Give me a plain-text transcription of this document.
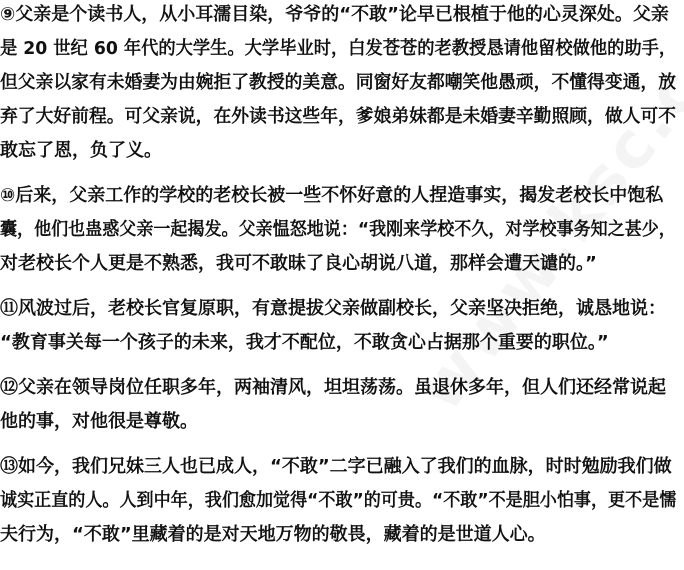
⑨父亲是个读书人，从小耳濡目染，爷爷的“不敢”论早已根植于他的心灵深处。父亲
是 20 世纪 60 年代的大学生。大学毕业时，白发苍苍的老教授恳请他留校做他的助手，
但父亲以家有未婚妻为由婉拒了教授的美意。同窗好友都嘲笑他愚顽，不懂得变通，放
弃了大好前程。可父亲说，在外读书这些年，爹娘弟妹都是未婚妻辛勤照顾，做人可不
敢忘了恩，负了义。
⑩后来，父亲工作的学校的老校长被一些不怀好意的人捏造事实，揭发老校长中饱私
囊，他们也蛊惑父亲一起揭发。父亲愠怒地说：“我刚来学校不久，对学校事务知之甚少，
对老校长个人更是不熟悉，我可不敢昧了良心胡说八道，那样会遭天谴的。”
⑪风波过后，老校长官复原职，有意提拔父亲做副校长，父亲坚决拒绝，诚恳地说：
“教育事关每一个孩子的未来，我才不配位，不敢贪心占据那个重要的职位。”
⑫父亲在领导岗位任职多年，两袖清风，坦坦荡荡。虽退休多年，但人们还经常说起
他的事，对他很是尊敬。
⑬如今，我们兄妹三人也已成人，“不敢”二字已融入了我们的血脉，时时勉励我们做
诚实正直的人。人到中年，我们愈加觉得“不敢”的可贵。“不敢”不是胆小怕事，更不是懦
夫行为，“不敢”里藏着的是对天地万物的敬畏，藏着的是世道人心。
